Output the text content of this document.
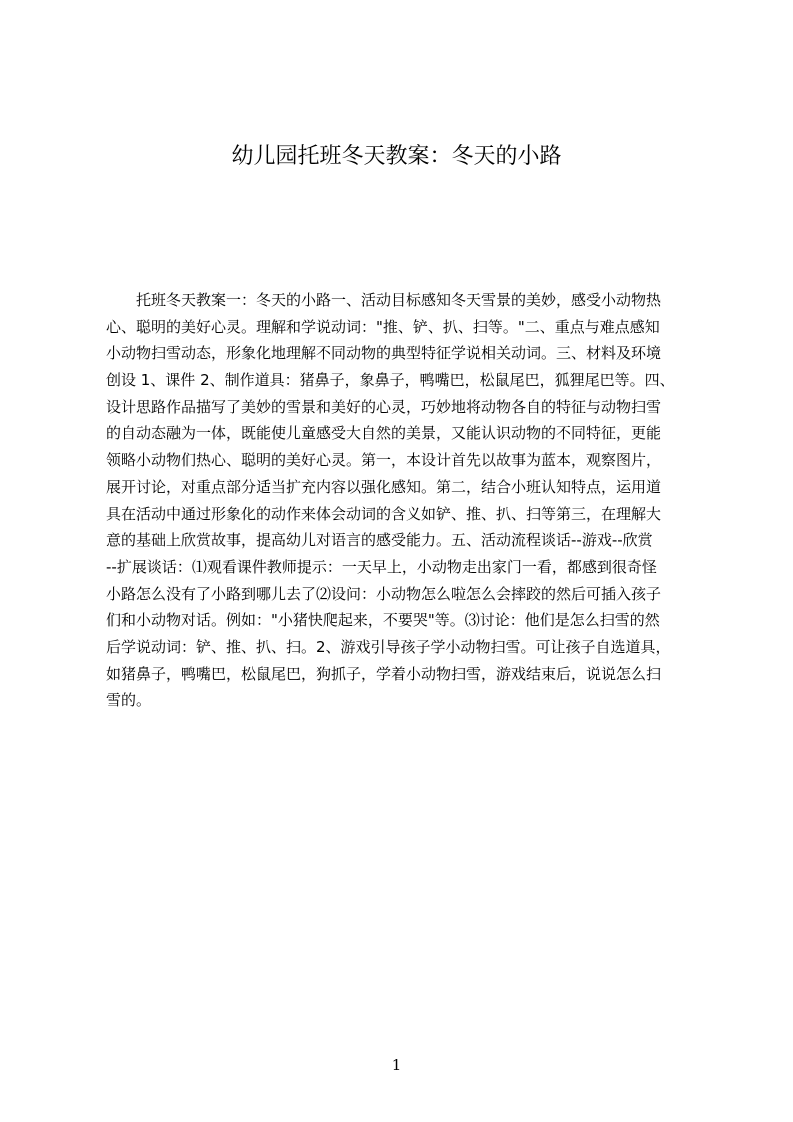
幼儿园托班冬天教案：冬天的小路
托班冬天教案一：冬天的小路一、活动目标感知冬天雪景的美妙，感受小动物热
心、聪明的美好心灵。理解和学说动词："推、铲、扒、扫等。"二、重点与难点感知
小动物扫雪动态，形象化地理解不同动物的典型特征学说相关动词。三、材料及环境
创设 1、课件 2、制作道具：猪鼻子，象鼻子，鸭嘴巴，松鼠尾巴，狐狸尾巴等。四、
设计思路作品描写了美妙的雪景和美好的心灵，巧妙地将动物各自的特征与动物扫雪
的自动态融为一体，既能使儿童感受大自然的美景，又能认识动物的不同特征，更能
领略小动物们热心、聪明的美好心灵。第一，本设计首先以故事为蓝本，观察图片，
展开讨论，对重点部分适当扩充内容以强化感知。第二，结合小班认知特点，运用道
具在活动中通过形象化的动作来体会动词的含义如铲、推、扒、扫等第三，在理解大
意的基础上欣赏故事，提高幼儿对语言的感受能力。五、活动流程谈话--游戏--欣赏
--扩展谈话：⑴观看课件教师提示：一天早上，小动物走出家门一看，都感到很奇怪
小路怎么没有了小路到哪儿去了⑵设问：小动物怎么啦怎么会摔跤的然后可插入孩子
们和小动物对话。例如："小猪快爬起来，不要哭"等。⑶讨论：他们是怎么扫雪的然
后学说动词：铲、推、扒、扫。2、游戏引导孩子学小动物扫雪。可让孩子自选道具，
如猪鼻子，鸭嘴巴，松鼠尾巴，狗抓子，学着小动物扫雪，游戏结束后，说说怎么扫
雪的。
1
